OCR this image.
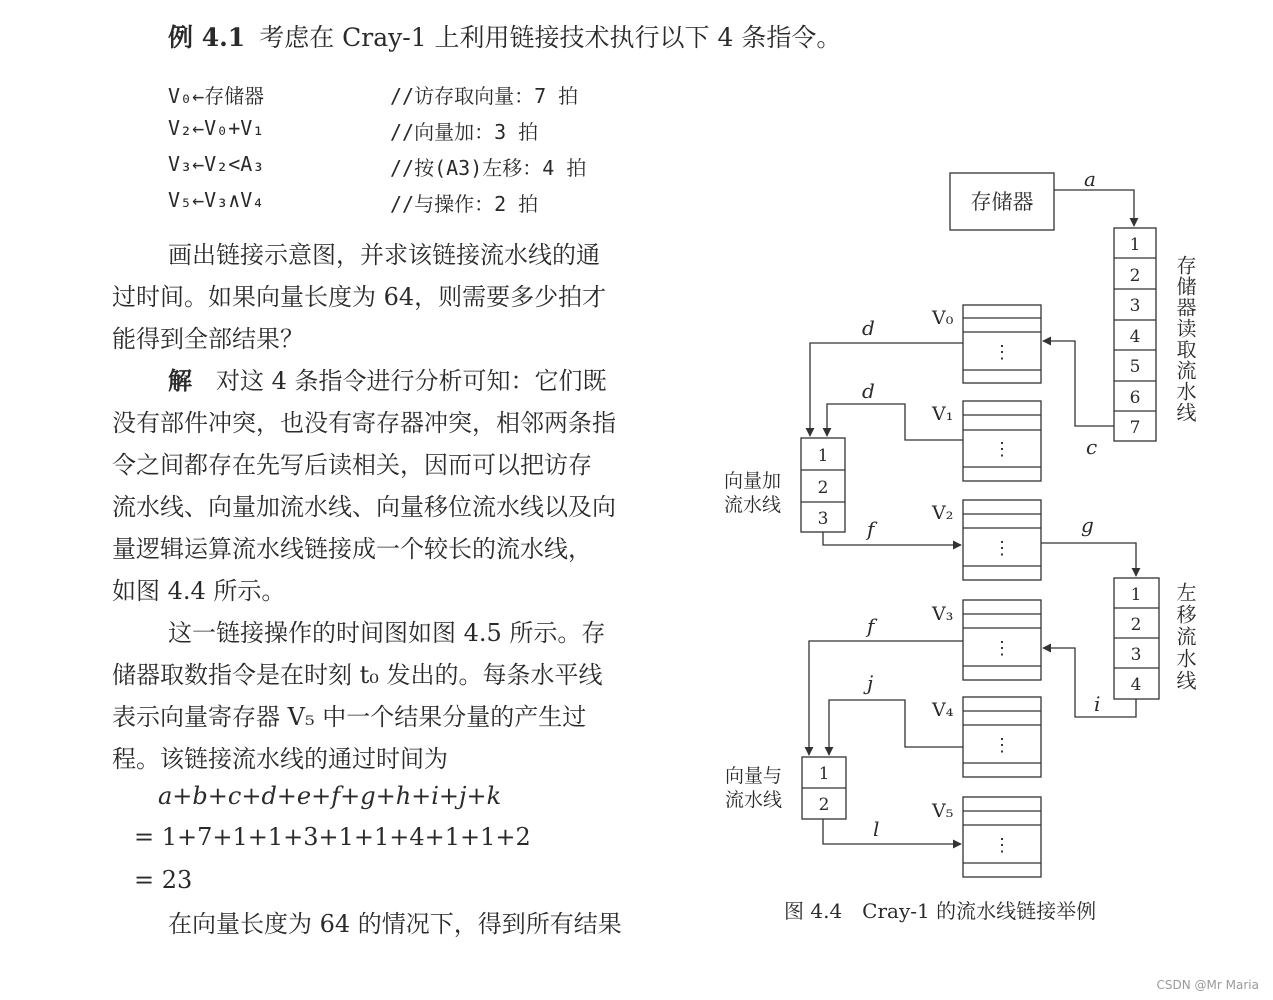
例 4.1 考虑在 Cray-1 上利用链接技术执行以下 4 条指令。
V₀←存储器	//访存取向量：7 拍
V₂←V₀+V₁	//向量加：3 拍
V₃←V₂<A₃	//按(A3)左移：4 拍
V₅←V₃∧V₄	//与操作：2 拍
画出链接示意图，并求该链接流水线的通
过时间。如果向量长度为 64，则需要多少拍才
能得到全部结果？
解　 对这 4 条指令进行分析可知：它们既
没有部件冲突，也没有寄存器冲突，相邻两条指
令之间都存在先写后读相关，因而可以把访存
流水线、向量加流水线、向量移位流水线以及向
量逻辑运算流水线链接成一个较长的流水线，
如图 4.4 所示。
这一链接操作的时间图如图 4.5 所示。存
储器取数指令是在时刻 t₀ 发出的。每条水平线
表示向量寄存器 V₅ 中一个结果分量的产生过
程。该链接流水线的通过时间为
a+b+c+d+e+f+g+h+i+j+k
= 1+7+1+1+3+1+1+4+1+1+2
= 23
在向量长度为 64 的情况下，得到所有结果
存储器
a
1
2
3
4
5
6
7
1
2
3
1
2
3
4
1
2
V₀
V₁
V₂
V₃
V₄
V₅
⋮
⋮
⋮
⋮
⋮
⋮
d
d
c
f	g
f
j
i
l
向量加
流水线
向量与
流水线
存储器读取流水线
左移流水线
图 4.4　Cray-1 的流水线链接举例
CSDN @Mr Maria
